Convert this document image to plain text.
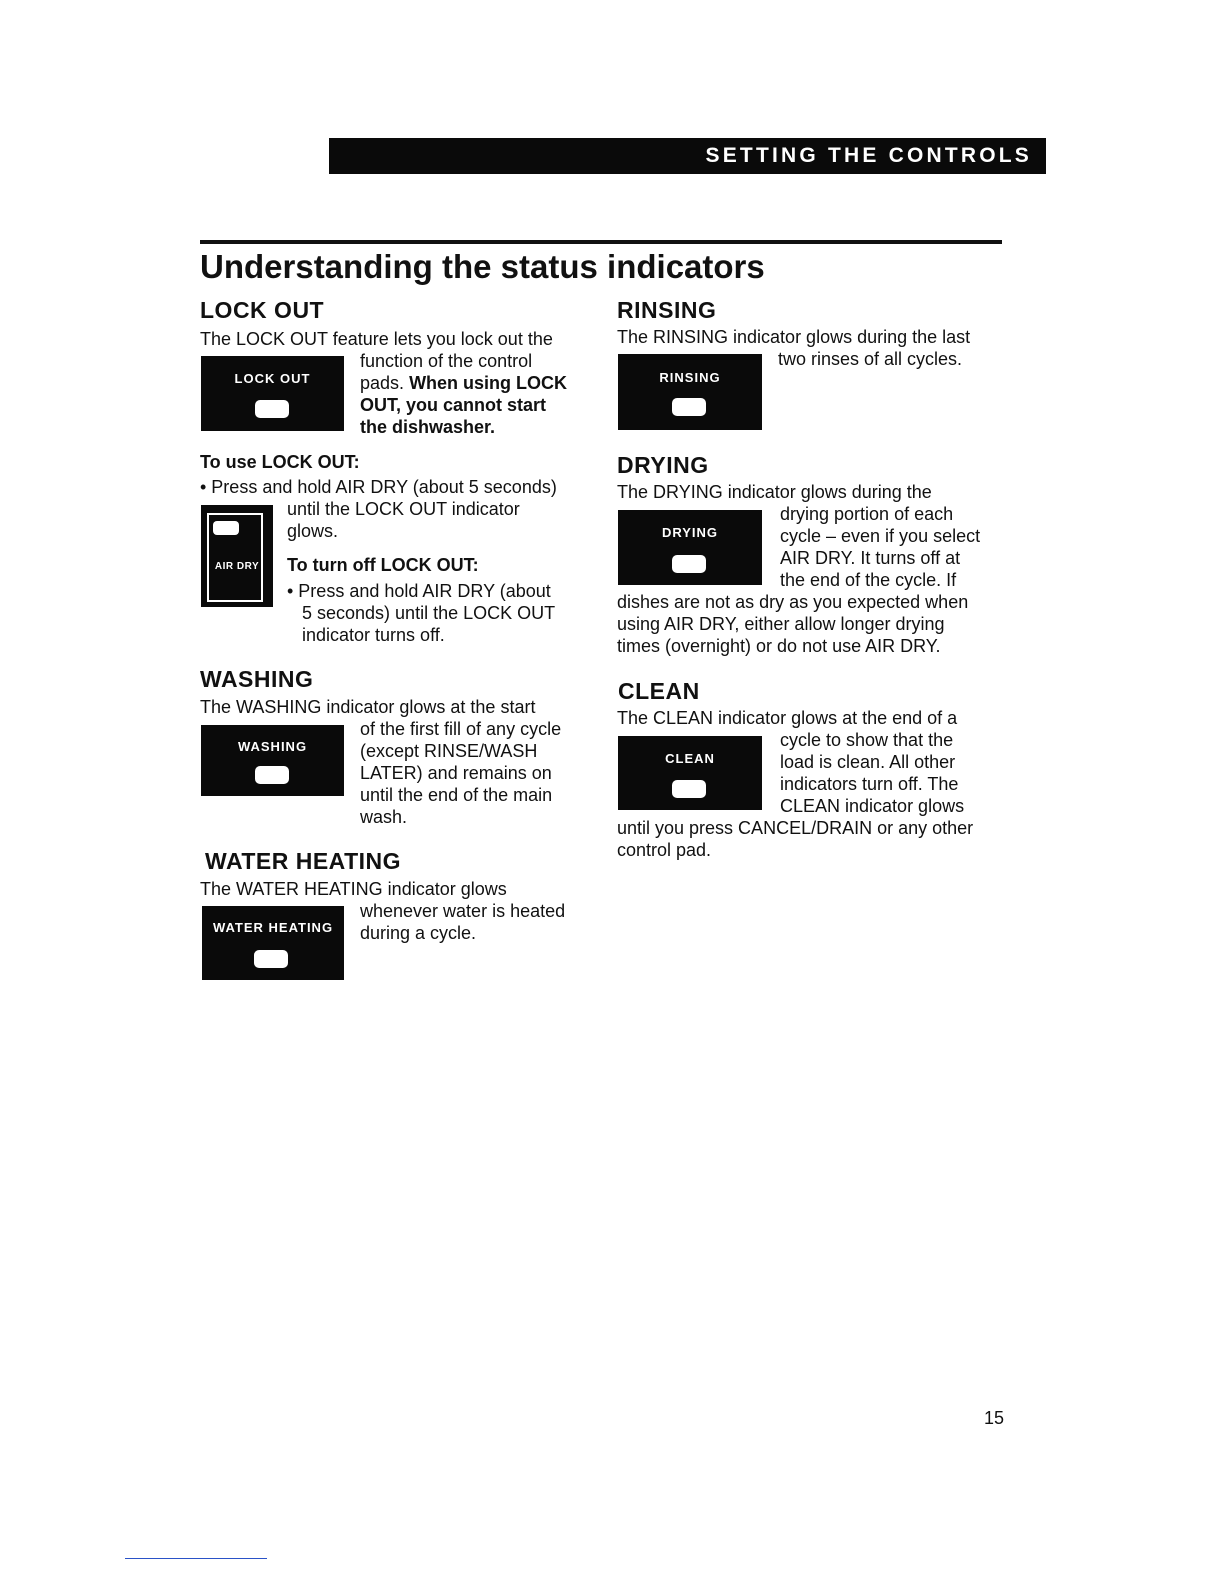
SETTING THE CONTROLS
Understanding the status indicators
LOCK OUT
The LOCK OUT feature lets you lock out the
LOCK OUT
function of the control
pads. When using LOCK
OUT, you cannot start
the dishwasher.
To use LOCK OUT:
• Press and hold AIR DRY (about 5 seconds)
AIR DRY
until the LOCK OUT indicator
glows.
To turn off LOCK OUT:
• Press and hold AIR DRY (about
5 seconds) until the LOCK OUT
indicator turns off.
WASHING
The WASHING indicator glows at the start
WASHING
of the first fill of any cycle
(except RINSE/WASH
LATER) and remains on
until the end of the main
wash.
WATER HEATING
The WATER HEATING indicator glows
WATER HEATING
whenever water is heated
during a cycle.
RINSING
The RINSING indicator glows during the last
RINSING
two rinses of all cycles.
DRYING
The DRYING indicator glows during the
DRYING
drying portion of each
cycle – even if you select
AIR DRY. It turns off at
the end of the cycle. If
dishes are not as dry as you expected when
using AIR DRY, either allow longer drying
times (overnight) or do not use AIR DRY.
CLEAN
The CLEAN indicator glows at the end of a
CLEAN
cycle to show that the
load is clean. All other
indicators turn off. The
CLEAN indicator glows
until you press CANCEL/DRAIN or any other
control pad.
15
